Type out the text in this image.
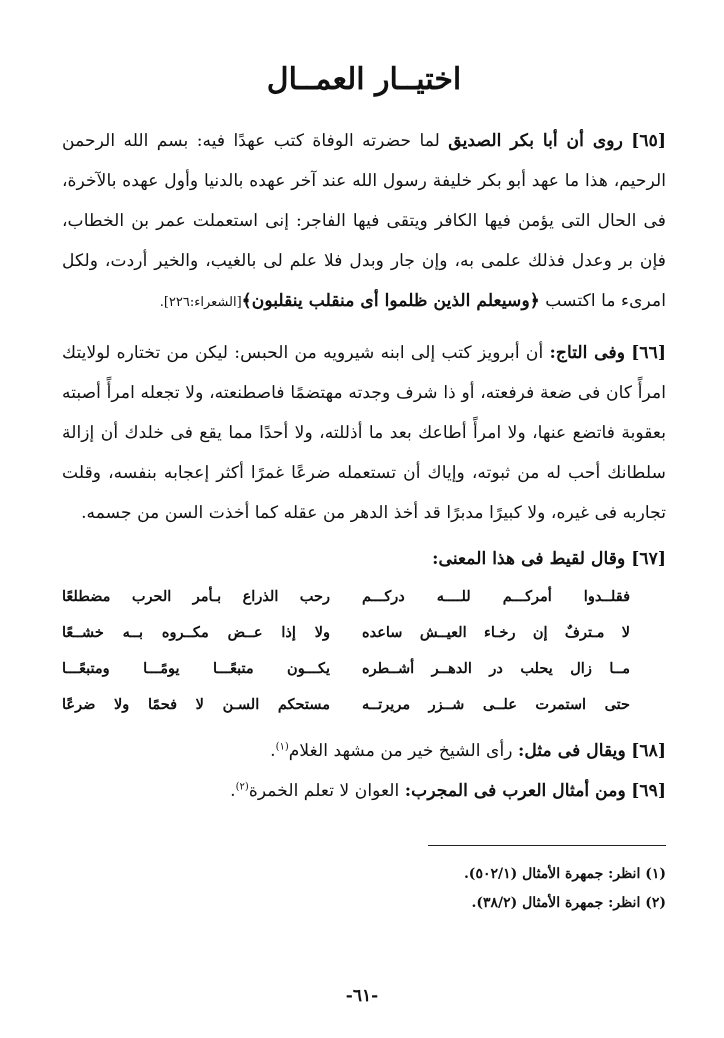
اختيــار العمــال

[٦٥] روى أن أبا بكر الصديق لما حضرته الوفاة كتب عهدًا فيه: بسم الله الرحمن الرحيم، هذا ما عهد أبو بكر خليفة رسول الله عند آخر عهده بالدنيا وأول عهده بالآخرة، فى الحال التى يؤمن فيها الكافر ويتقى فيها الفاجر: إنى استعملت عمر بن الخطاب، فإن بر وعدل فذلك علمى به، وإن جار وبدل فلا علم لى بالغيب، والخير أردت، ولكل امرىء ما اكتسب ﴿وسيعلم الذين ظلموا أى منقلب ينقلبون﴾[الشعراء:٢٢٦].

[٦٦] وفى التاج: أن أبرويز كتب إلى ابنه شيرويه من الحبس: ليكن من تختاره لولايتك امرأً كان فى ضعة فرفعته، أو ذا شرف وجدته مهتضمًا فاصطنعته، ولا تجعله امرأً أصبته بعقوبة فاتضع عنها، ولا امرأً أطاعك بعد ما أذللته، ولا أحدًا مما يقع فى خلدك أن إزالة سلطانك أحب له من ثبوته، وإياك أن تستعمله ضرعًا غمرًا أكثر إعجابه بنفسه، وقلت تجاربه فى غيره، ولا كبيرًا مدبرًا قد أخذ الدهر من عقله كما أخذت السن من جسمه.

[٦٧] وقال لقيط فى هذا المعنى:
فقلــدوا أمركـــم للــــه دركـــم
رحب الذراع بـأمر الحرب مضطلعًا
لا مـترفٌ إن رخـاء العيــش ساعده
ولا إذا عــض مكــروه بــه خشــعًا
مــا زال يحلب در الدهــر أشــطره
يكـــون متبعًـــا يومًـــا ومتبعًـــا
حتى استمرت علــى شــزر مريرتــه
مستحكم السـن لا فحمًا ولا ضرعًا

[٦٨] ويقال فى مثل: رأى الشيخ خير من مشهد الغلام$^{(١)}$.

[٦٩] ومن أمثال العرب فى المجرب: العوان لا تعلم الخمرة$^{(٢)}$.

(١) انظر: جمهرة الأمثال (٥٠٢/١).
(٢) انظر: جمهرة الأمثال (٣٨/٢).
-٦١-
